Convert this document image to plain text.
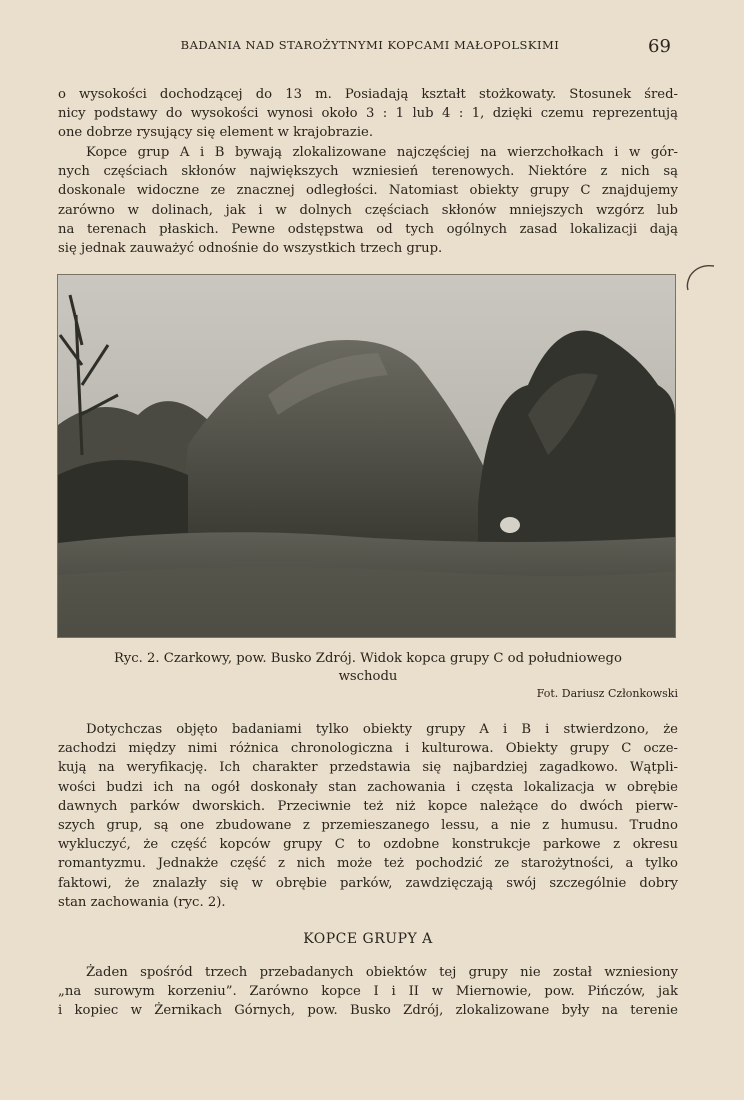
BADANIA NAD STAROŻYTNYMI KOPCAMI MAŁOPOLSKIMI	69

o wysokości dochodzącej do 13 m. Posiadają kształt stożkowaty. Stosunek śred-
nicy podstawy do wysokości wynosi około 3 : 1 lub 4 : 1, dzięki czemu reprezentują
one dobrze rysujący się element w krajobrazie.

Kopce grup A i B bywają zlokalizowane najczęściej na wierzchołkach i w gór-
nych częściach skłonów największych wzniesień terenowych. Niektóre z nich są
doskonale widoczne ze znacznej odległości. Natomiast obiekty grupy C znajdujemy
zarówno w dolinach, jak i w dolnych częściach skłonów mniejszych wzgórz lub
na terenach płaskich. Pewne odstępstwa od tych ogólnych zasad lokalizacji dają
się jednak zauważyć odnośnie do wszystkich trzech grup.

Ryc. 2. Czarkowy, pow. Busko Zdrój. Widok kopca grupy C od południowego
wschodu
Fot. Dariusz Członkowski

Dotychczas objęto badaniami tylko obiekty grupy A i B i stwierdzono, że
zachodzi między nimi różnica chronologiczna i kulturowa. Obiekty grupy C ocze-
kują na weryfikację. Ich charakter przedstawia się najbardziej zagadkowo. Wątpli-
wości budzi ich na ogół doskonały stan zachowania i częsta lokalizacja w obrębie
dawnych parków dworskich. Przeciwnie też niż kopce należące do dwóch pierw-
szych grup, są one zbudowane z przemieszanego lessu, a nie z humusu. Trudno
wykluczyć, że część kopców grupy C to ozdobne konstrukcje parkowe z okresu
romantyzmu. Jednakże część z nich może też pochodzić ze starożytności, a tylko
faktowi, że znalazły się w obrębie parków, zawdzięczają swój szczególnie dobry
stan zachowania (ryc. 2).

KOPCE GRUPY A

Żaden spośród trzech przebadanych obiektów tej grupy nie został wzniesiony
„na surowym korzeniu”. Zarówno kopce I i II w Miernowie, pow. Pińczów, jak
i kopiec w Żernikach Górnych, pow. Busko Zdrój, zlokalizowane były na terenie
